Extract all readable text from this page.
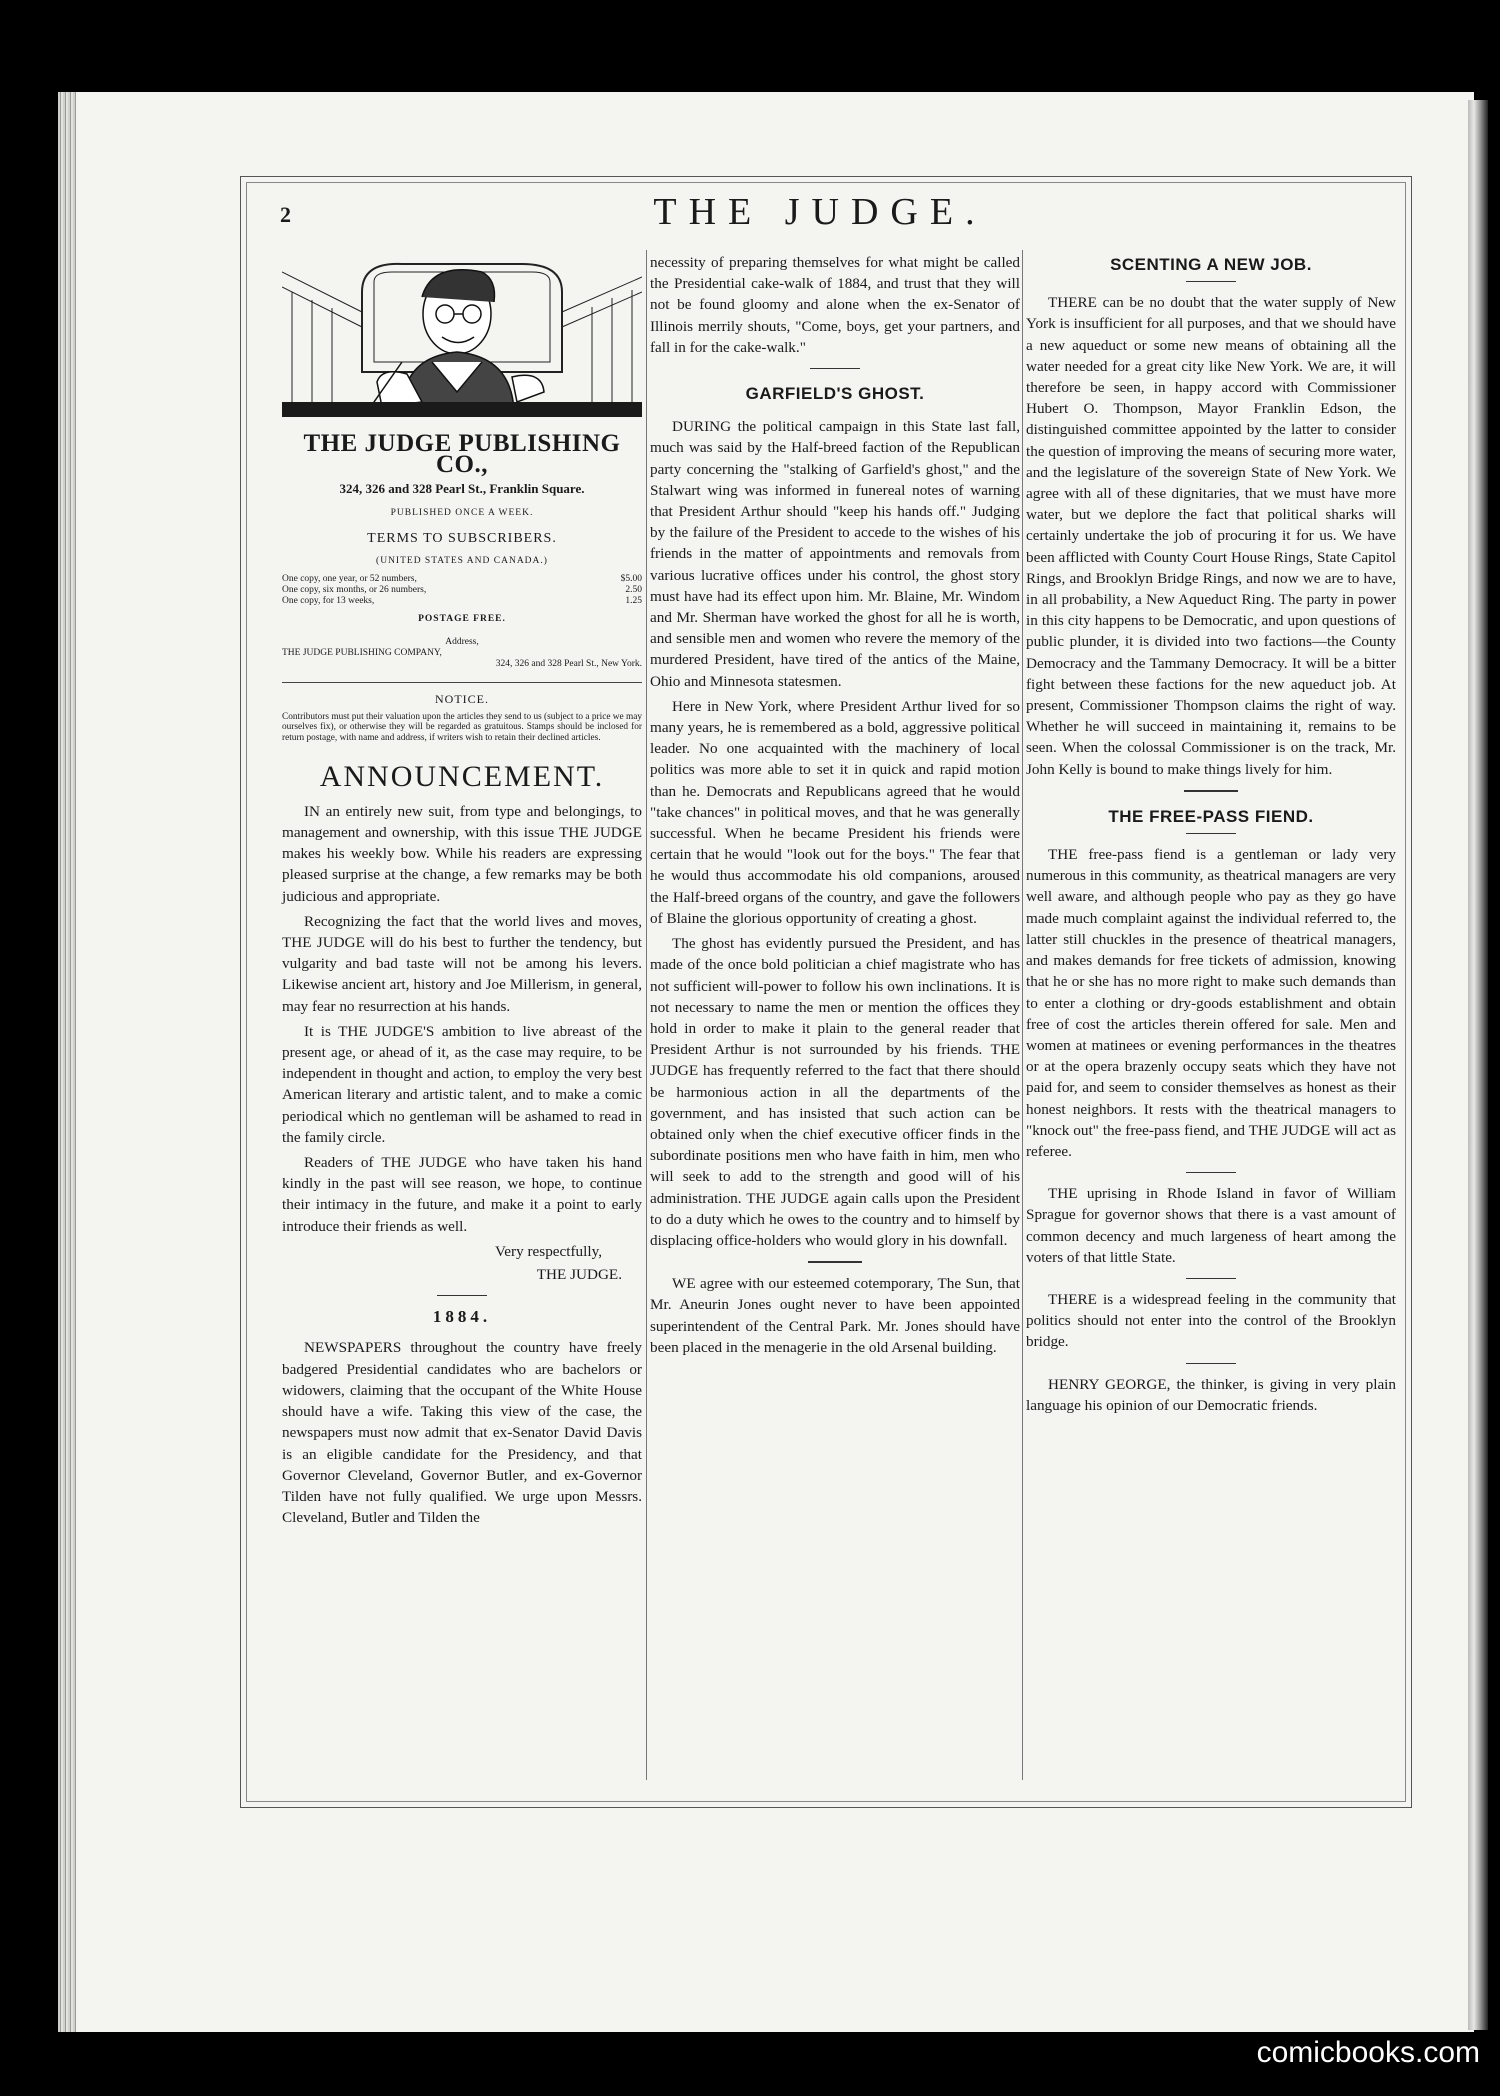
2	THE JUDGE.
THE JUDGE PUBLISHING CO.,
324, 326 and 328 Pearl St., Franklin Square.
PUBLISHED ONCE A WEEK.
TERMS TO SUBSCRIBERS.
(UNITED STATES AND CANADA.)
One copy, one year, or 52 numbers,	$5.00
One copy, six months, or 26 numbers,	2.50
One copy, for 13 weeks,	1.25
POSTAGE FREE.
Address,
THE JUDGE PUBLISHING COMPANY,
324, 326 and 328 Pearl St., New York.
NOTICE.
Contributors must put their valuation upon the articles they send to us (subject to a price we may ourselves fix), or otherwise they will be regarded as gratuitous. Stamps should be inclosed for return postage, with name and address, if writers wish to retain their declined articles.
ANNOUNCEMENT.

IN an entirely new suit, from type and belongings, to management and ownership, with this issue THE JUDGE makes his weekly bow. While his readers are expressing pleased surprise at the change, a few remarks may be both judicious and appropriate.

Recognizing the fact that the world lives and moves, THE JUDGE will do his best to further the tendency, but vulgarity and bad taste will not be among his levers. Likewise ancient art, history and Joe Millerism, in general, may fear no resurrection at his hands.

It is THE JUDGE'S ambition to live abreast of the present age, or ahead of it, as the case may require, to be independent in thought and action, to employ the very best American literary and artistic talent, and to make a comic periodical which no gentleman will be ashamed to read in the family circle.

Readers of THE JUDGE who have taken his hand kindly in the past will see reason, we hope, to continue their intimacy in the future, and make it a point to early introduce their friends as well.

Very respectfully,
THE JUDGE.
1884.

NEWSPAPERS throughout the country have freely badgered Presidential candidates who are bachelors or widowers, claiming that the occupant of the White House should have a wife. Taking this view of the case, the newspapers must now admit that ex-Senator David Davis is an eligible candidate for the Presidency, and that Governor Cleveland, Governor Butler, and ex-Governor Tilden have not fully qualified. We urge upon Messrs. Cleveland, Butler and Tilden the

necessity of preparing themselves for what might be called the Presidential cake-walk of 1884, and trust that they will not be found gloomy and alone when the ex-Senator of Illinois merrily shouts, "Come, boys, get your partners, and fall in for the cake-walk."

GARFIELD'S GHOST.

DURING the political campaign in this State last fall, much was said by the Half-breed faction of the Republican party concerning the "stalking of Garfield's ghost," and the Stalwart wing was informed in funereal notes of warning that President Arthur should "keep his hands off." Judging by the failure of the President to accede to the wishes of his friends in the matter of appointments and removals from various lucrative offices under his control, the ghost story must have had its effect upon him. Mr. Blaine, Mr. Windom and Mr. Sherman have worked the ghost for all he is worth, and sensible men and women who revere the memory of the murdered President, have tired of the antics of the Maine, Ohio and Minnesota statesmen.

Here in New York, where President Arthur lived for so many years, he is remembered as a bold, aggressive political leader. No one acquainted with the machinery of local politics was more able to set it in quick and rapid motion than he. Democrats and Republicans agreed that he would "take chances" in political moves, and that he was generally successful. When he became President his friends were certain that he would "look out for the boys." The fear that he would thus accommodate his old companions, aroused the Half-breed organs of the country, and gave the followers of Blaine the glorious opportunity of creating a ghost.

The ghost has evidently pursued the President, and has made of the once bold politician a chief magistrate who has not sufficient will-power to follow his own inclinations. It is not necessary to name the men or mention the offices they hold in order to make it plain to the general reader that President Arthur is not surrounded by his friends. THE JUDGE has frequently referred to the fact that there should be harmonious action in all the departments of the government, and has insisted that such action can be obtained only when the chief executive officer finds in the subordinate positions men who have faith in him, men who will seek to add to the strength and good will of his administration. THE JUDGE again calls upon the President to do a duty which he owes to the country and to himself by displacing office-holders who would glory in his downfall.

WE agree with our esteemed cotemporary, The Sun, that Mr. Aneurin Jones ought never to have been appointed superintendent of the Central Park. Mr. Jones should have been placed in the menagerie in the old Arsenal building.

SCENTING A NEW JOB.

THERE can be no doubt that the water supply of New York is insufficient for all purposes, and that we should have a new aqueduct or some new means of obtaining all the water needed for a great city like New York. We are, it will therefore be seen, in happy accord with Commissioner Hubert O. Thompson, Mayor Franklin Edson, the distinguished committee appointed by the latter to consider the question of improving the means of securing more water, and the legislature of the sovereign State of New York. We agree with all of these dignitaries, that we must have more water, but we deplore the fact that political sharks will certainly undertake the job of procuring it for us. We have been afflicted with County Court House Rings, State Capitol Rings, and Brooklyn Bridge Rings, and now we are to have, in all probability, a New Aqueduct Ring. The party in power in this city happens to be Democratic, and upon questions of public plunder, it is divided into two factions—the County Democracy and the Tammany Democracy. It will be a bitter fight between these factions for the new aqueduct job. At present, Commissioner Thompson claims the right of way. Whether he will succeed in maintaining it, remains to be seen. When the colossal Commissioner is on the track, Mr. John Kelly is bound to make things lively for him.

THE FREE-PASS FIEND.

THE free-pass fiend is a gentleman or lady very numerous in this community, as theatrical managers are very well aware, and although people who pay as they go have made much complaint against the individual referred to, the latter still chuckles in the presence of theatrical managers, and makes demands for free tickets of admission, knowing that he or she has no more right to make such demands than to enter a clothing or dry-goods establishment and obtain free of cost the articles therein offered for sale. Men and women at matinees or evening performances in the theatres or at the opera brazenly occupy seats which they have not paid for, and seem to consider themselves as honest as their honest neighbors. It rests with the theatrical managers to "knock out" the free-pass fiend, and THE JUDGE will act as referee.

THE uprising in Rhode Island in favor of William Sprague for governor shows that there is a vast amount of common decency and much largeness of heart among the voters of that little State.

THERE is a widespread feeling in the community that politics should not enter into the control of the Brooklyn bridge.

HENRY GEORGE, the thinker, is giving in very plain language his opinion of our Democratic friends.

comicbooks.com
